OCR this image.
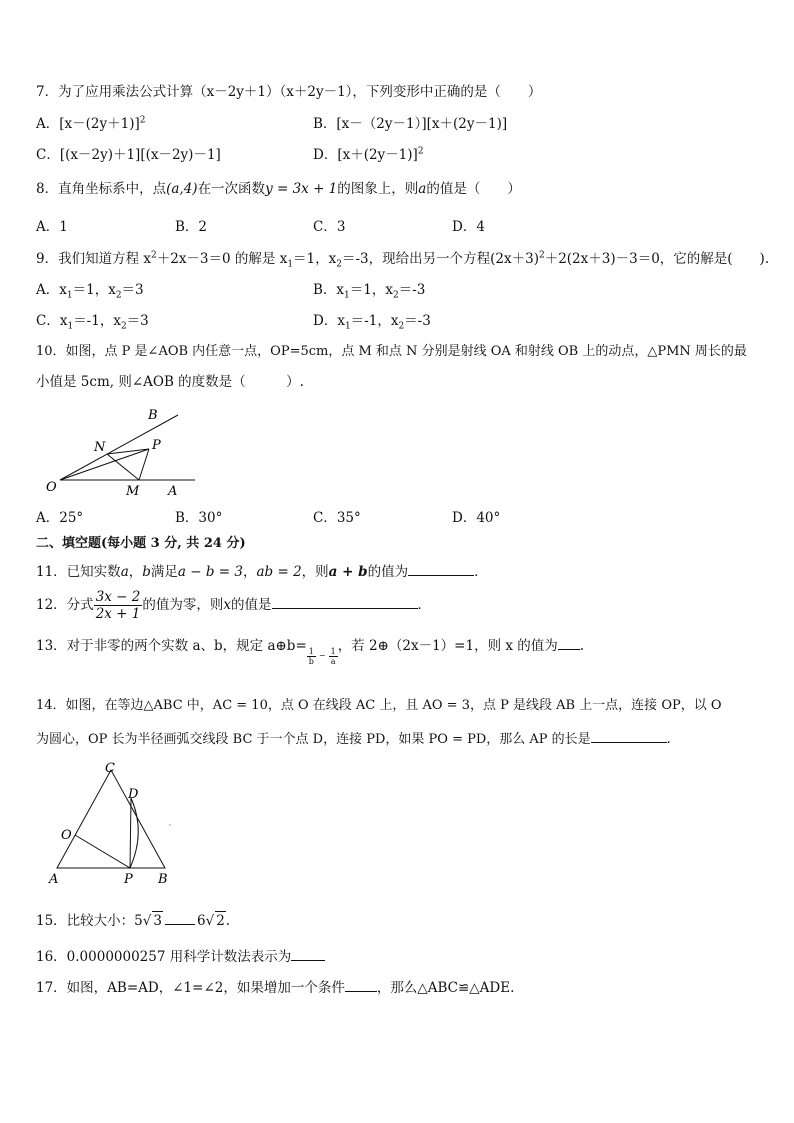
7．为了应用乘法公式计算（x－2y＋1）（x＋2y－1），下列变形中正确的是（　　）
A．$[x-(2y+1)]^2$	B．[x－（2y－1）][x＋(2y－1)]
C．[(x－2y)＋1][(x－2y)－1]	D．$[x+(2y-1)]^2$
8．直角坐标系中，点(a,4)在一次函数y = 3x + 1的图象上，则a的值是（　　）
A．1	B．2	C．3	D．4
9．我们知道方程 $x^2+2x-3=0$ 的解是 $x_1=1$，$x_2=-3$，现给出另一个方程$(2x+3)^2+2(2x+3)-3=0$，它的解是(　　).
A．$x_1=1$，$x_2=3$	B．$x_1=1$，$x_2=-3$
C．$x_1=-1$，$x_2=3$	D．$x_1=-1$，$x_2=-3$
10．如图，点 P 是∠AOB 内任意一点，OP=5cm，点 M 和点 N 分别是射线 OA 和射线 OB 上的动点，△PMN 周长的最
小值是 5cm, 则∠AOB 的度数是（　　　）.
B
N	P
O	M A
A．25°	B．30°	C．35°	D．40°
二、填空题(每小题 3 分, 共 24 分)
11．已知实数a，b满足a − b = 3，ab = 2，则a + b的值为	．
12．分式 $\frac{3x - 2}{2x + 1}$ 的值为零，则x的值是	．
13．对于非零的两个实数 a、b，规定 a⊕b=
$\frac{1}{b} _- \frac{1}{a}$
，若 2⊕（2x－1）=1，则 x 的值为 .
14．如图，在等边△ABC 中，AC = 10，点 O 在线段 AC 上，且 AO = 3，点 P 是线段 AB 上一点，连接 OP，以 O
为圆心，OP 长为半径画弧交线段 BC 于一个点 D，连接 PD，如果 PO = PD，那么 AP 的长是	.
C
D
O
A	P B
15．比较大小：5√ 3	6√ 2.
16．0.0000000257 用科学计数法表示为
17．如图，AB=AD，∠1=∠2，如果增加一个条件 ，那么△ABC≌△ADE.
